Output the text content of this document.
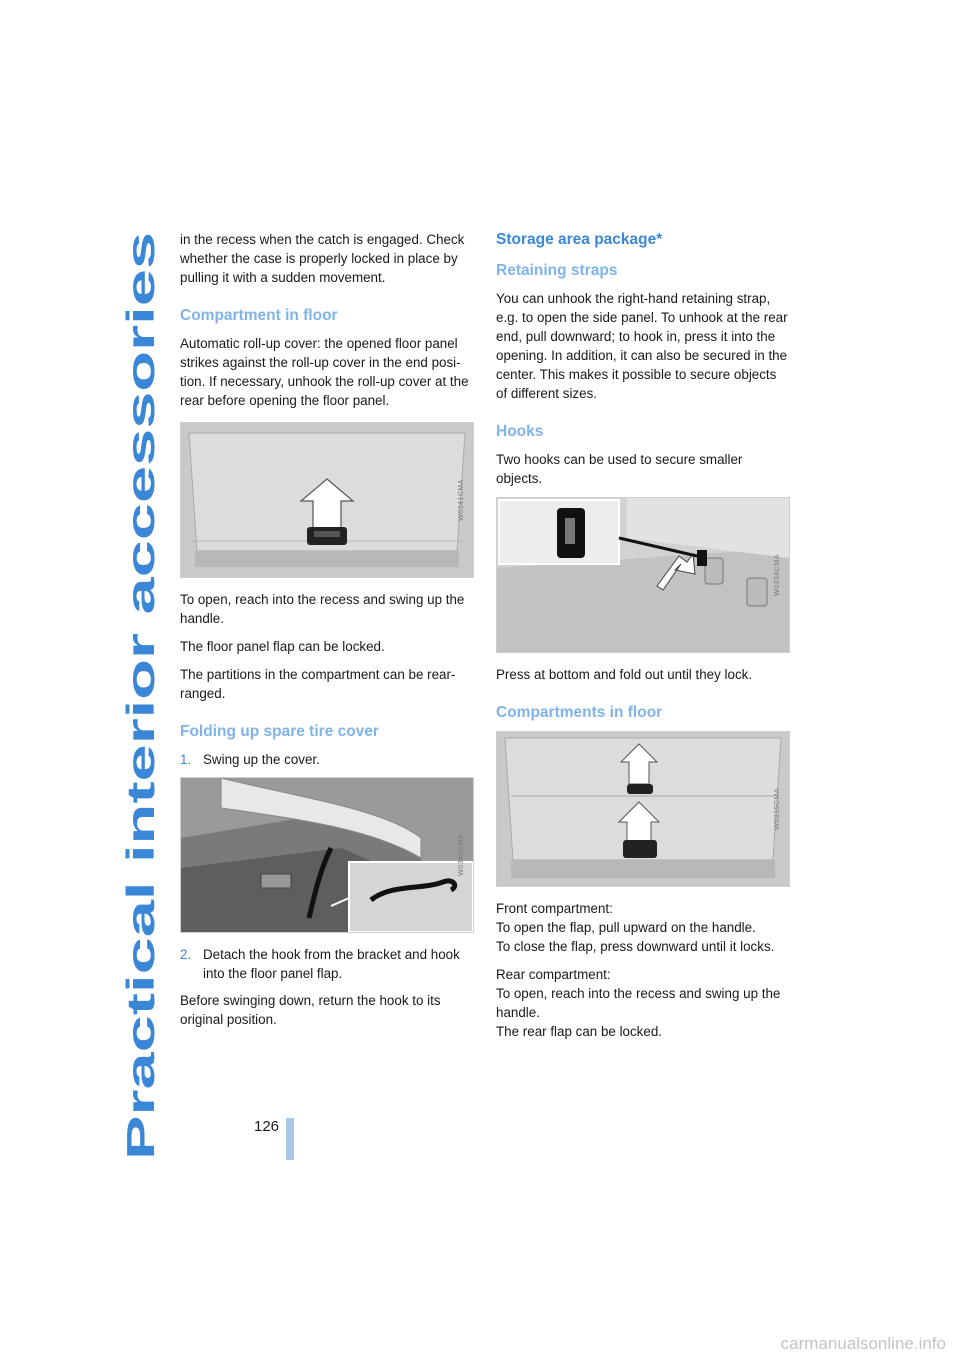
Practical interior accessories	126

in the recess when the catch is engaged. Check whether the case is properly locked in place by pulling it with a sudden movement.

Compartment in floor

Automatic roll-up cover: the opened floor panel strikes against the roll-up cover in the end posi-tion. If necessary, unhook the roll-up cover at the rear before opening the floor panel.

W0341CMA

To open, reach into the recess and swing up the handle.

The floor panel flap can be locked.

The partitions in the compartment can be rear-ranged.

Folding up spare tire cover
1. Swing up the cover.
W0340CMA
2. Detach the hook from the bracket and hook into the floor panel flap.

Before swinging down, return the hook to its original position.

Storage area package*
Retaining straps

You can unhook the right-hand retaining strap, e.g. to open the side panel. To unhook at the rear end, pull downward; to hook in, press it into the opening. In addition, it can also be secured in the center. This makes it possible to secure objects of different sizes.

Hooks

Two hooks can be used to secure smaller objects.

W0334CMA

Press at bottom and fold out until they lock.

Compartments in floor
W0335CMA

Front compartment:
To open the flap, pull upward on the handle.
To close the flap, press downward until it locks.

Rear compartment:
To open, reach into the recess and swing up the handle.
The rear flap can be locked.

carmanualsonline.info
